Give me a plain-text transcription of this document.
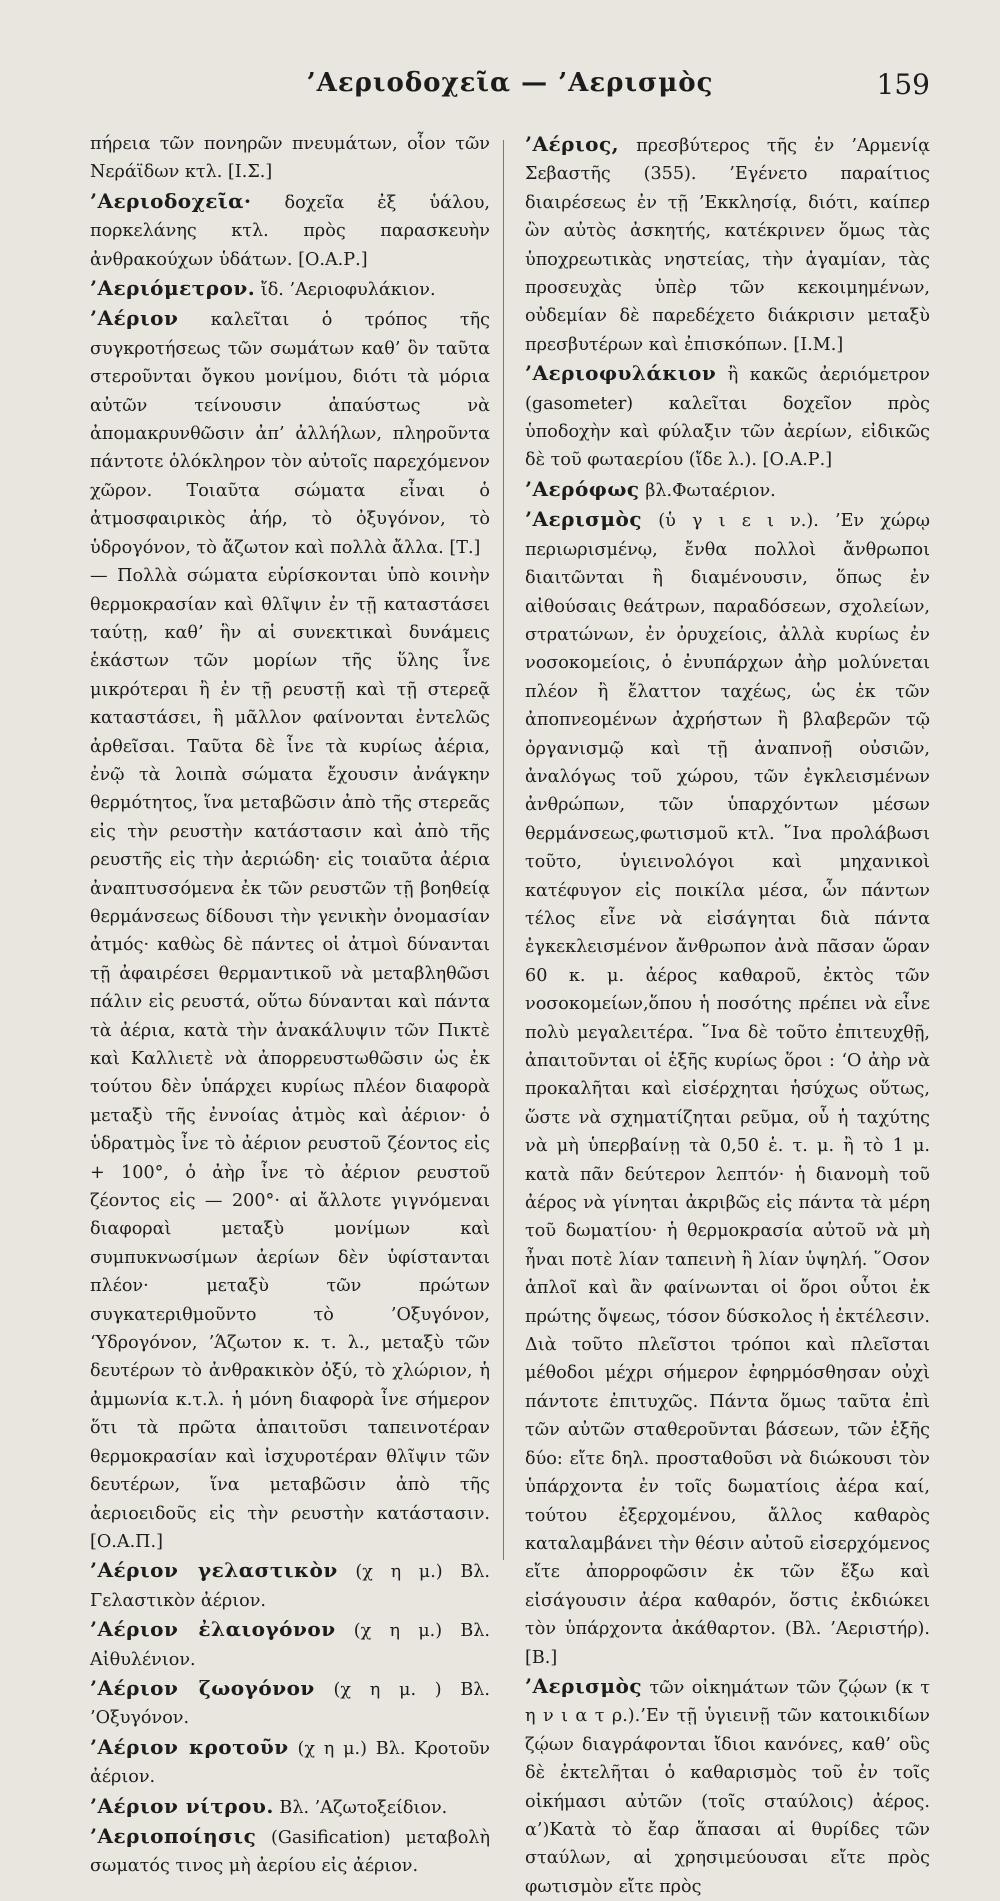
’Αεριοδοχεῖα — ’Αερισμὸς	159

πήρεια τῶν πονηρῶν πνευμάτων, οἷον τῶν Νεράϊδων κτλ. [Ι.Σ.]

’Αεριοδοχεῖα· δοχεῖα ἐξ ὑάλου, πορκελάνης κτλ. πρὸς παρασκευὴν ἀνθρακούχων ὑδάτων. [Ο.Α.Ρ.]

’Αεριόμετρον. ἴδ. ’Αεριοφυλάκιον.

’Αέριον καλεῖται ὁ τρόπος τῆς συγκροτήσεως τῶν σωμάτων καθ’ ὃν ταῦτα στεροῦνται ὄγκου μονίμου, διότι τὰ μόρια αὐτῶν τείνουσιν ἀπαύστως νὰ ἀπομακρυνθῶσιν ἀπ’ ἀλλήλων, πληροῦντα πάντοτε ὁλόκληρον τὸν αὐτοῖς παρεχόμενον χῶρον. Τοιαῦτα σώματα εἶναι ὁ ἀτμοσφαιρικὸς ἀήρ, τὸ ὀξυγόνον, τὸ ὑδρογόνον, τὸ ἄζωτον καὶ πολλὰ ἄλλα. [Τ.]

— Πολλὰ σώματα εὑρίσκονται ὑπὸ κοινὴν θερμοκρασίαν καὶ θλῖψιν ἐν τῇ καταστάσει ταύτῃ, καθ’ ἣν αἱ συνεκτικαὶ δυνάμεις ἑκάστων τῶν μορίων τῆς ὕλης ἶνε μικρότεραι ἢ ἐν τῇ ρευστῇ καὶ τῇ στερεᾷ καταστάσει, ἢ μᾶλλον φαίνονται ἐντελῶς ἀρθεῖσαι. Ταῦτα δὲ ἶνε τὰ κυρίως ἀέρια, ἐνῷ τὰ λοιπὰ σώματα ἔχουσιν ἀνάγκην θερμότητος, ἵνα μεταβῶσιν ἀπὸ τῆς στερεᾶς εἰς τὴν ρευστὴν κατάστασιν καὶ ἀπὸ τῆς ρευστῆς εἰς τὴν ἀεριώδη· εἰς τοιαῦτα ἀέρια ἀναπτυσσόμενα ἐκ τῶν ρευστῶν τῇ βοηθείᾳ θερμάνσεως δίδουσι τὴν γενικὴν ὀνομασίαν ἀτμός· καθὼς δὲ πάντες οἱ ἀτμοὶ δύνανται τῇ ἀφαιρέσει θερμαντικοῦ νὰ μεταβληθῶσι πάλιν εἰς ρευστά, οὕτω δύνανται καὶ πάντα τὰ ἀέρια, κατὰ τὴν ἀνακάλυψιν τῶν Πικτὲ καὶ Καλλιετὲ νὰ ἀπορρευστωθῶσιν ὡς ἐκ τούτου δὲν ὑπάρχει κυρίως πλέον διαφορὰ μεταξὺ τῆς ἐννοίας ἀτμὸς καὶ ἀέριον· ὁ ὑδρατμὸς ἶνε τὸ ἀέριον ρευστοῦ ζέοντος εἰς + 100°, ὁ ἀὴρ ἶνε τὸ ἀέριον ρευστοῦ ζέοντος εἰς — 200°· αἱ ἄλλοτε γιγνόμεναι διαφοραὶ μεταξὺ μονίμων καὶ συμπυκνωσίμων ἀερίων δὲν ὑφίστανται πλέον· μεταξὺ τῶν πρώτων συγκατεριθμοῦντο τὸ ’Οξυγόνον, ‘Υδρογόνον, ’Άζωτον κ. τ. λ., μεταξὺ τῶν δευτέρων τὸ ἀνθρακικὸν ὀξύ, τὸ χλώριον, ἡ ἀμμωνία κ.τ.λ. ἡ μόνη διαφορὰ ἶνε σήμερον ὅτι τὰ πρῶτα ἀπαιτοῦσι ταπεινοτέραν θερμοκρασίαν καὶ ἰσχυροτέραν θλῖψιν τῶν δευτέρων, ἵνα μεταβῶσιν ἀπὸ τῆς ἀεριοειδοῦς εἰς τὴν ρευστὴν κατάστασιν. [Ο.Α.Π.]

’Αέριον γελαστικὸν (χ η μ.) Βλ. Γελαστικὸν ἀέριον.

’Αέριον ἐλαιογόνον (χ η μ.) Βλ. Αἰθυλένιον.

’Αέριον ζωογόνον (χ η μ. ) Βλ. ’Οξυγόνον.

’Αέριον κροτοῦν (χ η μ.) Βλ. Κροτοῦν ἀέριον.

’Αέριον νίτρου. Βλ. ’Αζωτοξείδιον.

’Αεριοποίησις (Gasification) μεταβολὴ σωματός τινος μὴ ἀερίου εἰς ἀέριον.

’Αέριος, πρεσβύτερος τῆς ἐν ’Αρμενίᾳ Σεβαστῆς (355). ’Εγένετο παραίτιος διαιρέσεως ἐν τῇ ’Εκκλησίᾳ, διότι, καίπερ ὢν αὐτὸς ἀσκητής, κατέκρινεν ὅμως τὰς ὑποχρεωτικὰς νηστείας, τὴν ἀγαμίαν, τὰς προσευχὰς ὑπὲρ τῶν κεκοιμημένων, οὐδεμίαν δὲ παρεδέχετο διάκρισιν μεταξὺ πρεσβυτέρων καὶ ἐπισκόπων. [Ι.Μ.]

’Αεριοφυλάκιον ἢ κακῶς ἀεριόμετρον (gasometer) καλεῖται δοχεῖον πρὸς ὑποδοχὴν καὶ φύλαξιν τῶν ἀερίων, εἰδικῶς δὲ τοῦ φωταερίου (ἴδε λ.). [Ο.Α.Ρ.]

’Αερόφως βλ.Φωταέριον.

’Αερισμὸς (ὑ γ ι ε ι ν.). ’Εν χώρῳ περιωρισμένῳ, ἔνθα πολλοὶ ἄνθρωποι διαιτῶνται ἢ διαμένουσιν, ὅπως ἐν αἰθούσαις θεάτρων, παραδόσεων, σχολείων, στρατώνων, ἐν ὀρυχείοις, ἀλλὰ κυρίως ἐν νοσοκομείοις, ὁ ἐνυπάρχων ἀὴρ μολύνεται πλέον ἢ ἔλαττον ταχέως, ὡς ἐκ τῶν ἀποπνεομένων ἀχρήστων ἢ βλαβερῶν τῷ ὀργανισμῷ καὶ τῇ ἀναπνοῇ οὐσιῶν, ἀναλόγως τοῦ χώρου, τῶν ἐγκλεισμένων ἀνθρώπων, τῶν ὑπαρχόντων μέσων θερμάνσεως,φωτισμοῦ κτλ. ῞Ινα προλάβωσι τοῦτο, ὑγιεινολόγοι καὶ μηχανικοὶ κατέφυγον εἰς ποικίλα μέσα, ὧν πάντων τέλος εἶνε νὰ εἰσάγηται διὰ πάντα ἐγκεκλεισμένον ἄνθρωπον ἀνὰ πᾶσαν ὥραν 60 κ. μ. ἀέρος καθαροῦ, ἐκτὸς τῶν νοσοκομείων,ὅπου ἡ ποσότης πρέπει νὰ εἶνε πολὺ μεγαλειτέρα. ῞Ινα δὲ τοῦτο ἐπιτευχθῇ, ἀπαιτοῦνται οἱ ἑξῆς κυρίως ὅροι : ‘Ο ἀὴρ νὰ προκαλῆται καὶ εἰσέρχηται ἡσύχως οὕτως, ὥστε νὰ σχηματίζηται ρεῦμα, οὗ ἡ ταχύτης νὰ μὴ ὑπερβαίνῃ τὰ 0,50 ἑ. τ. μ. ἢ τὸ 1 μ. κατὰ πᾶν δεύτερον λεπτόν· ἡ διανομὴ τοῦ ἀέρος νὰ γίνηται ἀκριβῶς εἰς πάντα τὰ μέρη τοῦ δωματίου· ἡ θερμοκρασία αὐτοῦ νὰ μὴ ἦναι ποτὲ λίαν ταπεινὴ ἢ λίαν ὑψηλή. ῞Οσον ἁπλοῖ καὶ ἂν φαίνωνται οἱ ὅροι οὗτοι ἐκ πρώτης ὄψεως, τόσον δύσκολος ἡ ἐκτέλεσιν. Διὰ τοῦτο πλεῖστοι τρόποι καὶ πλεῖσται μέθοδοι μέχρι σήμερον ἐφηρμόσθησαν οὐχὶ πάντοτε ἐπιτυχῶς. Πάντα ὅμως ταῦτα ἐπὶ τῶν αὐτῶν σταθεροῦνται βάσεων, τῶν ἑξῆς δύο: εἴτε δηλ. προσταθοῦσι νὰ διώκουσι τὸν ὑπάρχοντα ἐν τοῖς δωματίοις ἀέρα καί, τούτου ἐξερχομένου, ἄλλος καθαρὸς καταλαμβάνει τὴν θέσιν αὐτοῦ εἰσερχόμενος εἴτε ἀπορροφῶσιν ἐκ τῶν ἔξω καὶ εἰσάγουσιν ἀέρα καθαρόν, ὅστις ἐκδιώκει τὸν ὑπάρχοντα ἀκάθαρτον. (Βλ. ’Αεριστήρ). [Β.]

’Αερισμὸς τῶν οἰκημάτων τῶν ζῴων (κ τ η ν ι α τ ρ.).’Εν τῇ ὑγιεινῇ τῶν κατοικιδίων ζῴων διαγράφονται ἴδιοι κανόνες, καθ’ οὓς δὲ ἐκτελῆται ὁ καθαρισμὸς τοῦ ἐν τοῖς οἰκήμασι αὐτῶν (τοῖς σταύλοις) ἀέρος. α’)Κατὰ τὸ ἔαρ ἅπασαι αἱ θυρίδες τῶν σταύλων, αἱ χρησιμεύουσαι εἴτε πρὸς φωτισμὸν εἴτε πρὸς
